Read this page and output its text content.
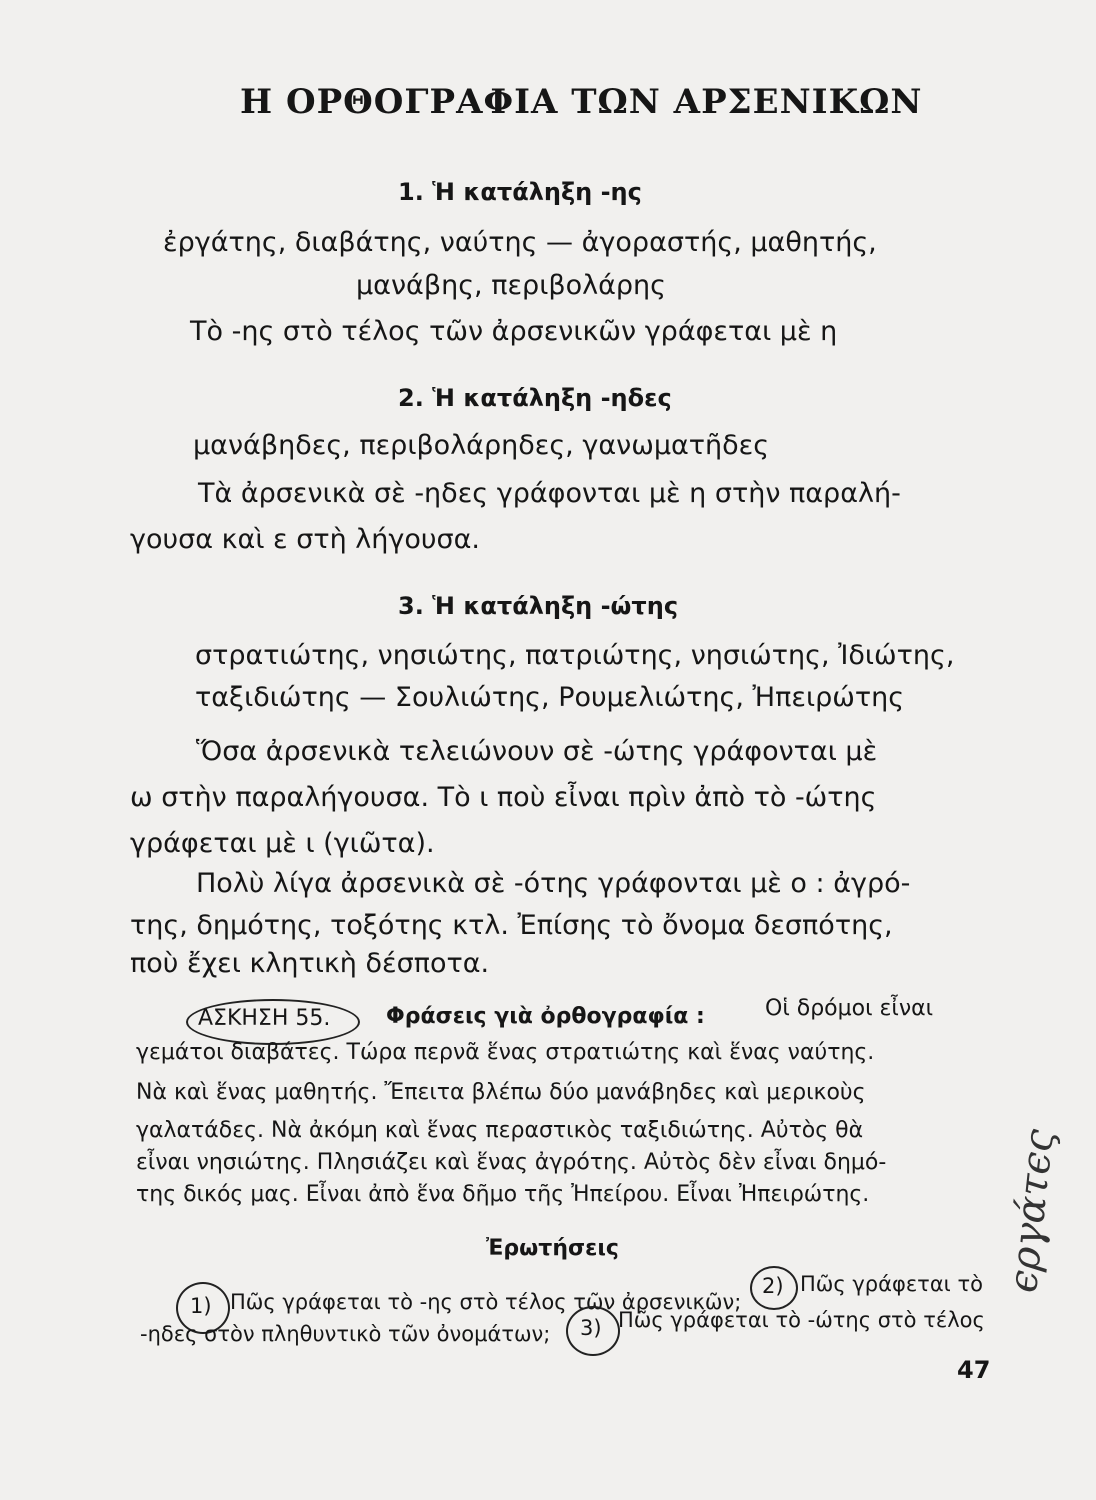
Η ΟΡΘΟΓΡΑΦΙΑ ΤΩΝ ΑΡΣΕΝΙΚΩΝ
1. Ἡ κατάληξη -ης
ἐργάτης, διαβάτης, ναύτης — ἀγοραστής, μαθητής,
μανάβης, περιβολάρης
Τὸ -ης στὸ τέλος τῶν ἀρσενικῶν γράφεται μὲ η
2. Ἡ κατάληξη -ηδες
μανάβηδες, περιβολάρηδες, γανωματῆδες
Τὰ ἀρσενικὰ σὲ -ηδες γράφονται μὲ η στὴν παραλή-
γουσα καὶ ε στὴ λήγουσα.
3. Ἡ κατάληξη -ώτης
στρατιώτης, νησιώτης, πατριώτης, νησιώτης, Ἰδιώτης,
ταξιδιώτης — Σουλιώτης, Ρουμελιώτης, Ἠπειρώτης
Ὅσα ἀρσενικὰ τελειώνουν σὲ -ώτης γράφονται μὲ
ω στὴν παραλήγουσα. Τὸ ι ποὺ εἶναι πρὶν ἀπὸ τὸ -ώτης
γράφεται μὲ ι (γιῶτα).
Πολὺ λίγα ἀρσενικὰ σὲ -ότης γράφονται μὲ ο : ἀγρό-
της, δημότης, τοξότης κτλ. Ἐπίσης τὸ ὄνομα δεσπότης,
ποὺ ἔχει κλητικὴ δέσποτα.
ΑΣΚΗΣΗ 55.	Φράσεις γιὰ ὀρθογραφία :	Οἱ δρόμοι εἶναι
γεμάτοι διαβάτες. Τώρα περνᾶ ἕνας στρατιώτης καὶ ἕνας ναύτης.
Νὰ καὶ ἕνας μαθητής. Ἔπειτα βλέπω δύο μανάβηδες καὶ μερικοὺς
γαλατάδες. Νὰ ἀκόμη καὶ ἕνας περαστικὸς ταξιδιώτης. Αὐτὸς θὰ
εἶναι νησιώτης. Πλησιάζει καὶ ἕνας ἀγρότης. Αὐτὸς δὲν εἶναι δημό-
της δικός μας. Εἶναι ἀπὸ ἕνα δῆμο τῆς Ἠπείρου. Εἶναι Ἠπειρώτης.
Ἐρωτήσεις
1) Πῶς γράφεται τὸ -ης στὸ τέλος τῶν ἀρσενικῶν;
2) Πῶς γράφεται τὸ
-ηδες στὸν πληθυντικὸ τῶν ὀνομάτων; 3) Πῶς γράφεται τὸ -ώτης στὸ τέλος
47
ϵργάτϵς
